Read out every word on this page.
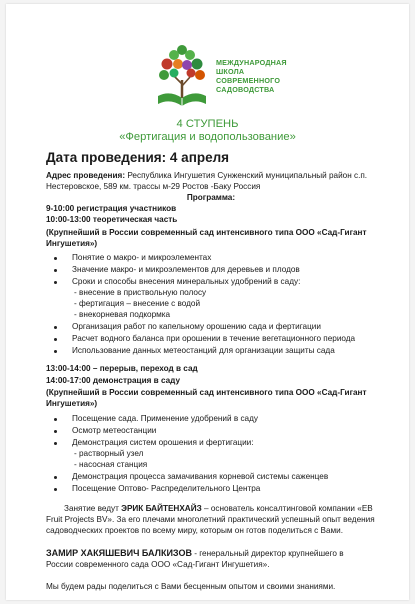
МЕЖДУНАРОДНАЯ
ШКОЛА
СОВРЕМЕННОГО
САДОВОДСТВА
4 СТУПЕНЬ
«Фертигация и водопользование»
Дата проведения: 4 апреля
Адрес проведения: Республика Ингушетия Сунженский муниципальный район с.п.
Нестеровское, 589 км. трассы м-29 Ростов -Баку Россия
Программа:
9-10:00 регистрация участников
10:00-13:00 теоретическая часть
(Крупнейший в России современный сад интенсивного типа ООО «Сад-Гигант
Ингушетия»)
Понятие о макро- и микроэлементах
Значение макро- и микроэлементов для деревьев и плодов
Сроки и способы внесения минеральных удобрений в саду:
- внесение в приствольную полосу
- фертигация – внесение с водой
- внекорневая подкормка
Организация работ по капельному орошению сада и фертигации
Расчет водного баланса при орошении в течение вегетационного периода
Использование данных метеостанций для организации защиты сада
13:00-14:00 – перерыв, переход в сад
14:00-17:00 демонстрация в саду
(Крупнейший в России современный сад интенсивного типа ООО «Сад-Гигант
Ингушетия»)
Посещение сада. Применение удобрений в саду
Осмотр метеостанции
Демонстрация систем орошения и фертигации:
- растворный узел
- насосная станция
Демонстрация процесса замачивания корневой системы саженцев
Посещение Оптово- Распределительного Центра
Занятие ведут ЭРИК БАЙТЕНХАЙЗ – основатель консалтинговой компании «EB
Fruit Projects BV». За его плечами многолетний практический успешный опыт ведения
садоводческих проектов по всему миру, которым он готов поделиться с Вами.
ЗАМИР ХАКЯШЕВИЧ БАЛКИЗОВ - генеральный директор крупнейшего в
России современного сада ООО «Сад-Гигант Ингушетия».
Мы будем рады поделиться с Вами бесценным опытом и своими знаниями.
